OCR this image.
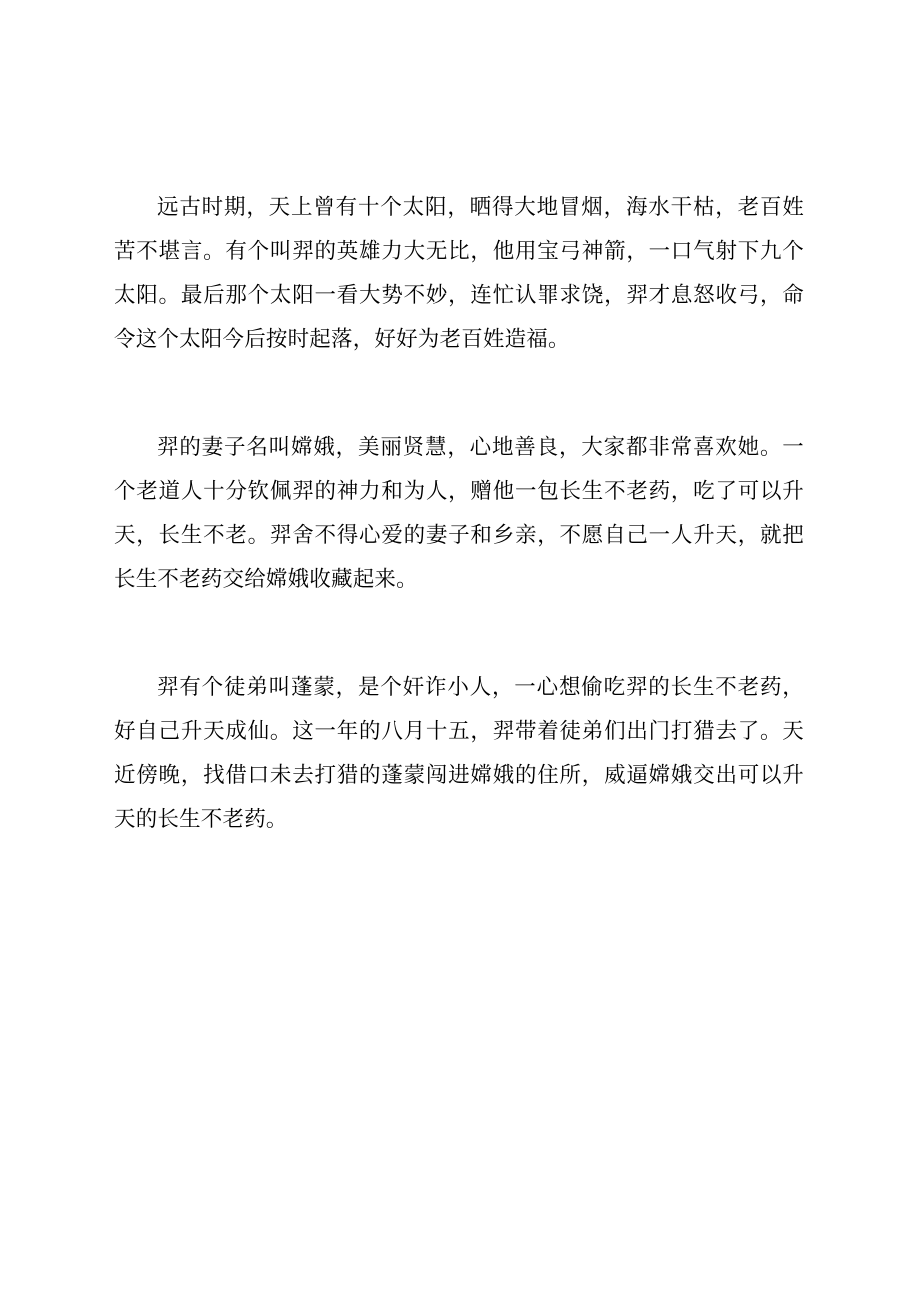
远古时期，天上曾有十个太阳，晒得大地冒烟，海水干枯，老百姓苦不堪言。有个叫羿的英雄力大无比，他用宝弓神箭，一口气射下九个太阳。最后那个太阳一看大势不妙，连忙认罪求饶，羿才息怒收弓，命令这个太阳今后按时起落，好好为老百姓造福。

羿的妻子名叫嫦娥，美丽贤慧，心地善良，大家都非常喜欢她。一个老道人十分钦佩羿的神力和为人，赠他一包长生不老药，吃了可以升天，长生不老。羿舍不得心爱的妻子和乡亲，不愿自己一人升天，就把长生不老药交给嫦娥收藏起来。

羿有个徒弟叫蓬蒙，是个奸诈小人，一心想偷吃羿的长生不老药，好自己升天成仙。这一年的八月十五，羿带着徒弟们出门打猎去了。天近傍晚，找借口未去打猎的蓬蒙闯进嫦娥的住所，威逼嫦娥交出可以升天的长生不老药。
